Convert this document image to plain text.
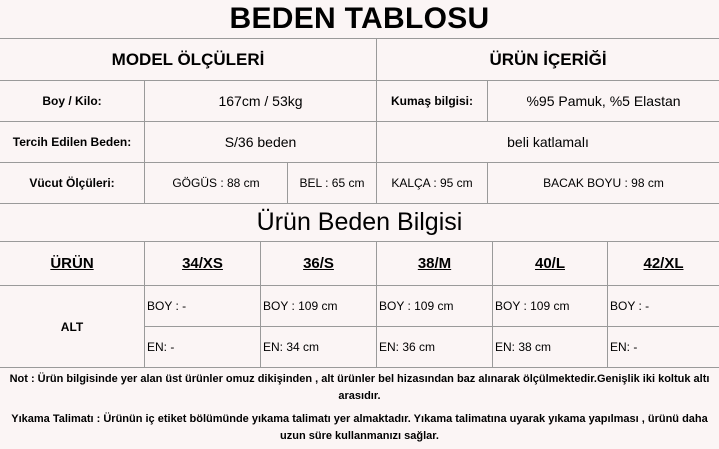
BEDEN TABLOSU
MODEL ÖLÇÜLERİ	ÜRÜN İÇERİĞİ
Boy / Kilo:	167cm / 53kg	Kumaş bilgisi:	%95 Pamuk, %5 Elastan
Tercih Edilen Beden:	S/36 beden	beli katlamalı
Vücut Ölçüleri:	GÖGÜS : 88 cm	BEL : 65 cm	KALÇA : 95 cm	BACAK BOYU : 98 cm
Ürün Beden Bilgisi
ÜRÜN	34/XS	36/S	38/M	40/L	42/XL
ALT
BOY : -	BOY : 109 cm	BOY : 109 cm	BOY : 109 cm	BOY : -
EN: -	EN: 34 cm	EN: 36 cm	EN: 38 cm	EN: -
Not : Ürün bilgisinde yer alan üst ürünler omuz dikişinden , alt ürünler bel hizasından baz alınarak ölçülmektedir.Genişlik iki koltuk altı arasıdır.
Yıkama Talimatı : Ürünün iç etiket bölümünde yıkama talimatı yer almaktadır. Yıkama talimatına uyarak yıkama yapılması , ürünü daha uzun süre kullanmanızı sağlar.
